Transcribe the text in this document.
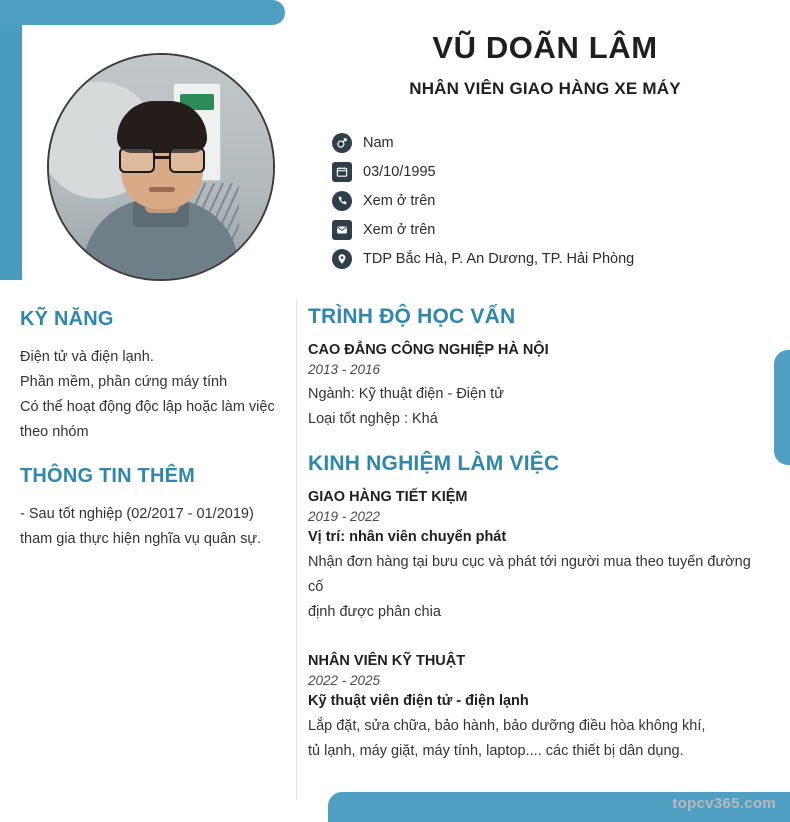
topcv365.com
VŨ DOÃN LÂM
NHÂN VIÊN GIAO HÀNG XE MÁY
Nam
03/10/1995
Xem ở trên
Xem ở trên
TDP Bắc Hà, P. An Dương, TP. Hải Phòng
KỸ NĂNG

Điện tử và điện lạnh.

Phần mềm, phần cứng máy tính

Có thể hoạt động độc lập hoặc làm việc

theo nhóm

THÔNG TIN THÊM

- Sau tốt nghiệp (02/2017 - 01/2019)

tham gia thực hiện nghĩa vụ quân sự.

TRÌNH ĐỘ HỌC VẤN

CAO ĐẲNG CÔNG NGHIỆP HÀ NỘI

2013 - 2016

Ngành: Kỹ thuật điện - Điện tử

Loại tốt nghệp : Khá

KINH NGHIỆM LÀM VIỆC

GIAO HÀNG TIẾT KIỆM

2019 - 2022

Vị trí: nhân viên chuyển phát

Nhận đơn hàng tại bưu cục và phát tới người mua theo tuyến đường cố

định được phân chia

NHÂN VIÊN KỸ THUẬT

2022 - 2025

Kỹ thuật viên điện tử - điện lạnh

Lắp đặt, sửa chữa, bảo hành, bảo dưỡng điều hòa không khí,

tủ lạnh, máy giặt, máy tính, laptop.... các thiết bị dân dụng.
